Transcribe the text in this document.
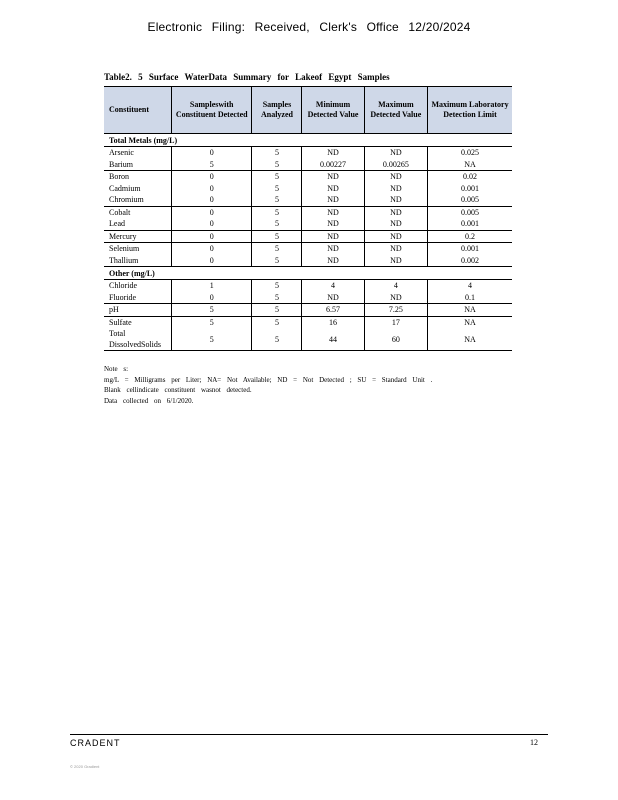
Electronic Filing: Received, Clerk's Office 12/20/2024
Table2. 5 Surface WaterData Summary for Lakeof Egypt Samples
Constituent	Sampleswith Constituent Detected	Samples Analyzed	Minimum Detected Value	Maximum Detected Value	Maximum Laboratory Detection Limit
Total Metals (mg/L)					
Arsenic	0	5	ND	ND	0.025
Barium	5	5	0.00227	0.00265	NA
Boron	0	5	ND	ND	0.02
Cadmium	0	5	ND	ND	0.001
Chromium	0	5	ND	ND	0.005
Cobalt	0	5	ND	ND	0.005
Lead	0	5	ND	ND	0.001
Mercury	0	5	ND	ND	0.2
Selenium	0	5	ND	ND	0.001
Thallium	0	5	ND	ND	0.002
Other (mg/L)					
Chloride	1	5	4	4	4
Fluoride	0	5	ND	ND	0.1
pH	5	5	6.57	7.25	NA
Sulfate	5	5	16	17	NA
Total DissolvedSolids	5	5	44	60	NA
Note s:
mg/L = Milligrams per Liter; NA= Not Available; ND = Not Detected ; SU = Standard Unit .
Blank cellindicate constituent wasnot detected.
Data collected on 6/1/2020.
CRADENT	12
© 2020 Gradient
